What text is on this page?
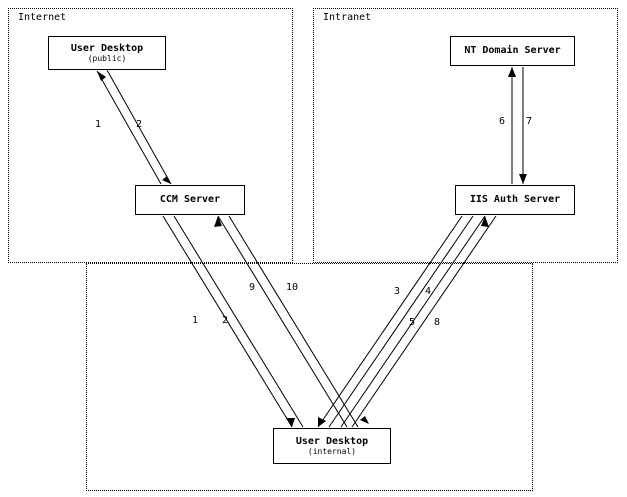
Internet	Intranet
User Desktop
(public)
CCM Server
NT Domain Server
IIS Auth Server
User Desktop
(internal)
1	2	6 7
9	10	3 4
5 8
1 2
